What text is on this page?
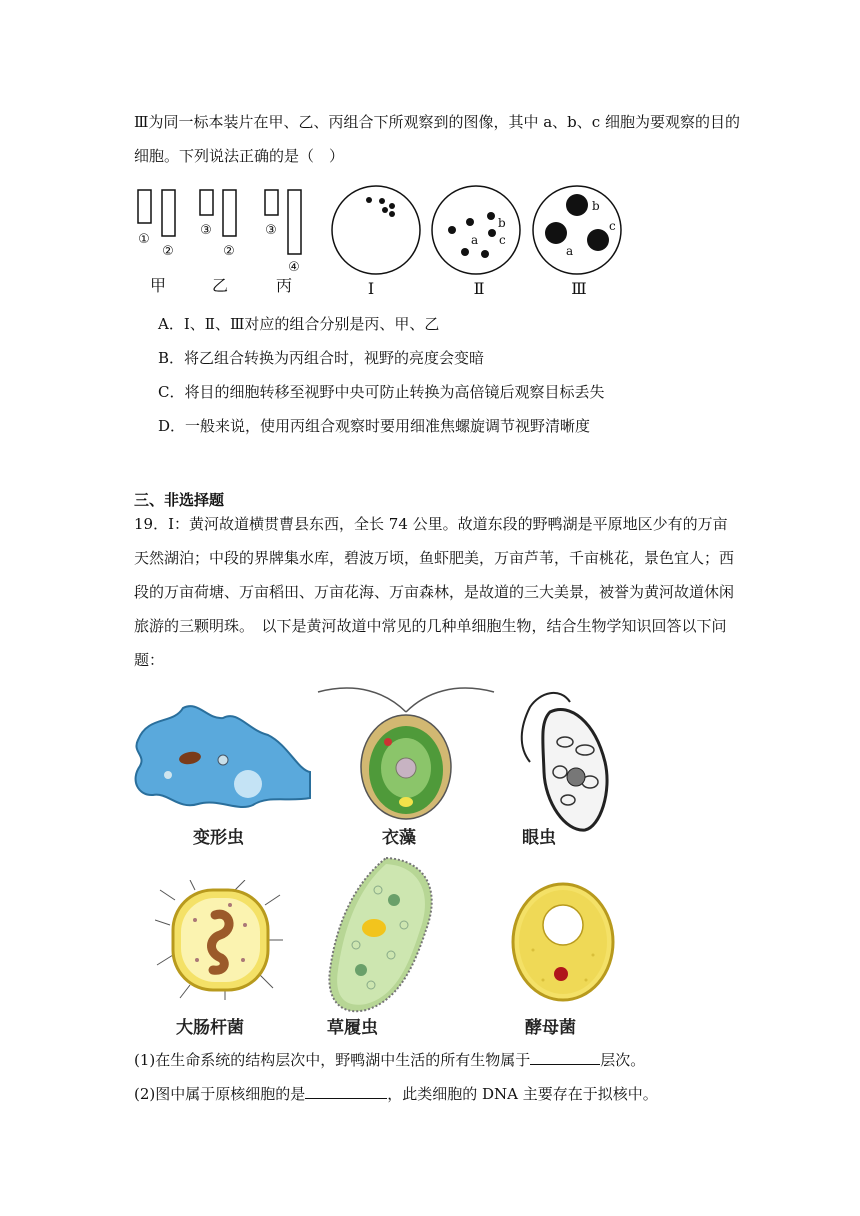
Ⅲ为同一标本装片在甲、乙、丙组合下所观察到的图像，其中 a、b、c 细胞为要观察的目的
细胞。下列说法正确的是（　）
①
②
③
②
③
④
甲	乙	丙	Ⅰ	Ⅱ	Ⅲ
a
b
c
a
b
c
A．Ⅰ、Ⅱ、Ⅲ对应的组合分别是丙、甲、乙
B．将乙组合转换为丙组合时，视野的亮度会变暗
C．将目的细胞转移至视野中央可防止转换为高倍镜后观察目标丢失
D．一般来说，使用丙组合观察时要用细准焦螺旋调节视野清晰度
三、非选择题
19．Ⅰ：黄河故道横贯曹县东西，全长 74 公里。故道东段的野鸭湖是平原地区少有的万亩
天然湖泊；中段的界牌集水库，碧波万顷，鱼虾肥美，万亩芦苇，千亩桃花，景色宜人；西
段的万亩荷塘、万亩稻田、万亩花海、万亩森林，是故道的三大美景，被誉为黄河故道休闲
旅游的三颗明珠。　以下是黄河故道中常见的几种单细胞生物，结合生物学知识回答以下问
题：
变形虫	衣藻	眼虫
大肠杆菌	草履虫	酵母菌
(1)在生命系统的结构层次中，野鸭湖中生活的所有生物属于	层次。
(2)图中属于原核细胞的是	，此类细胞的 DNA 主要存在于拟核中。
